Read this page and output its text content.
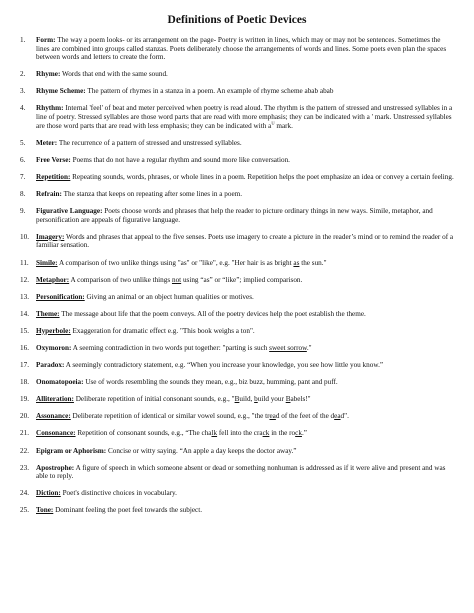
Definitions of Poetic Devices
1.	Form: The way a poem looks- or its arrangement on the page- Poetry is written in lines, which may or may not be sentences. Sometimes the lines are combined into groups called stanzas. Poets deliberately choose the arrangements of words and lines. Some poets even plan the spaces between words and letters to create the form.
2.	Rhyme: Words that end with the same sound.
3.	Rhyme Scheme: The pattern of rhymes in a stanza in a poem. An example of rhyme scheme abab abab
4.	Rhythm: Internal 'feel' of beat and meter perceived when poetry is read aloud. The rhythm is the pattern of stressed and unstressed syllables in a line of poetry. Stressed syllables are those word parts that are read with more emphasis; they can be indicated with a ' mark. Unstressed syllables are those word parts that are read with less emphasis; they can be indicated with $a^U$ mark.
5.	Meter: The recurrence of a pattern of stressed and unstressed syllables.
6.	Free Verse: Poems that do not have a regular rhythm and sound more like conversation.
7.	Repetition: Repeating sounds, words, phrases, or whole lines in a poem. Repetition helps the poet emphasize an idea or convey a certain feeling.
8.	Refrain: The stanza that keeps on repeating after some lines in a poem.
9.	Figurative Language: Poets choose words and phrases that help the reader to picture ordinary things in new ways. Simile, metaphor, and personification are appeals of figurative language.
10. Imagery: Words and phrases that appeal to the five senses. Poets use imagery to create a picture in the reader’s mind or to remind the reader of a familiar sensation.
11.	Simile: A comparison of two unlike things using "as" or "like", e.g. "Her hair is as bright as the sun."
12. Metaphor: A comparison of two unlike things not using “as” or “like”; implied comparison.
13. Personification: Giving an animal or an object human qualities or motives.
14. Theme: The message about life that the poem conveys. All of the poetry devices help the poet establish the theme.
15. Hyperbole: Exaggeration for dramatic effect e.g. "This book weighs a ton".
16. Oxymoron: A seeming contradiction in two words put together: "parting is such sweet sorrow."
17. Paradox: A seemingly contradictory statement, e.g. “When you increase your knowledge, you see how little you know.”
18. Onomatopoeia: Use of words resembling the sounds they mean, e.g., biz buzz, humming, pant and puff.
19. Alliteration: Deliberate repetition of initial consonant sounds, e.g., "Build, build your Babels!"
20. Assonance: Deliberate repetition of identical or similar vowel sound, e.g., "the tread of the feet of the dead".
21. Consonance: Repetition of consonant sounds, e.g., “The chalk fell into the crack in the rock.”
22. Epigram or Aphorism: Concise or witty saying. “An apple a day keeps the doctor away.”
23. Apostrophe: A figure of speech in which someone absent or dead or something nonhuman is addressed as if it were alive and present and was able to reply.
24. Diction: Poet's distinctive choices in vocabulary.
25. Tone: Dominant feeling the poet feel towards the subject.
